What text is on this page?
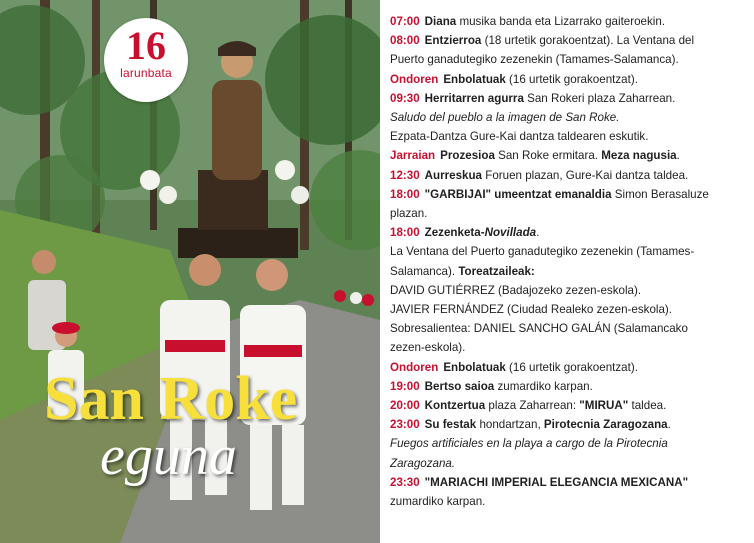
16
larunbata
San Roke
eguna
07:00 Diana musika banda eta Lizarrako gaiteroekin.
08:00 Entzierroa (18 urtetik gorakoentzat). La Ventana del
Puerto ganadutegiko zezenekin (Tamames-Salamanca).
Ondoren Enbolatuak (16 urtetik gorakoentzat).
09:30 Herritarren agurra San Rokeri plaza Zaharrean.
Saludo del pueblo a la imagen de San Roke.
Ezpata-Dantza Gure-Kai dantza taldearen eskutik.
Jarraian Prozesioa San Roke ermitara. Meza nagusia.
12:30 Aurreskua Foruen plazan, Gure-Kai dantza taldea.
18:00 "GARBIJAI" umeentzat emanaldia Simon Berasaluze
plazan.
18:00 Zezenketa-Novillada.
La Ventana del Puerto ganadutegiko zezenekin (Tamames-
Salamanca). Toreatzaileak:
DAVID GUTIÉRREZ (Badajozeko zezen-eskola).
JAVIER FERNÁNDEZ (Ciudad Realeko zezen-eskola).
Sobresalientea: DANIEL SANCHO GALÁN (Salamancako
zezen-eskola).
Ondoren Enbolatuak (16 urtetik gorakoentzat).
19:00 Bertso saioa zumardiko karpan.
20:00 Kontzertua plaza Zaharrean: "MIRUA" taldea.
23:00 Su festak hondartzan, Pirotecnia Zaragozana.
Fuegos artificiales en la playa a cargo de la Pirotecnia
Zaragozana.
23:30 "MARIACHI IMPERIAL ELEGANCIA MEXICANA"
zumardiko karpan.
